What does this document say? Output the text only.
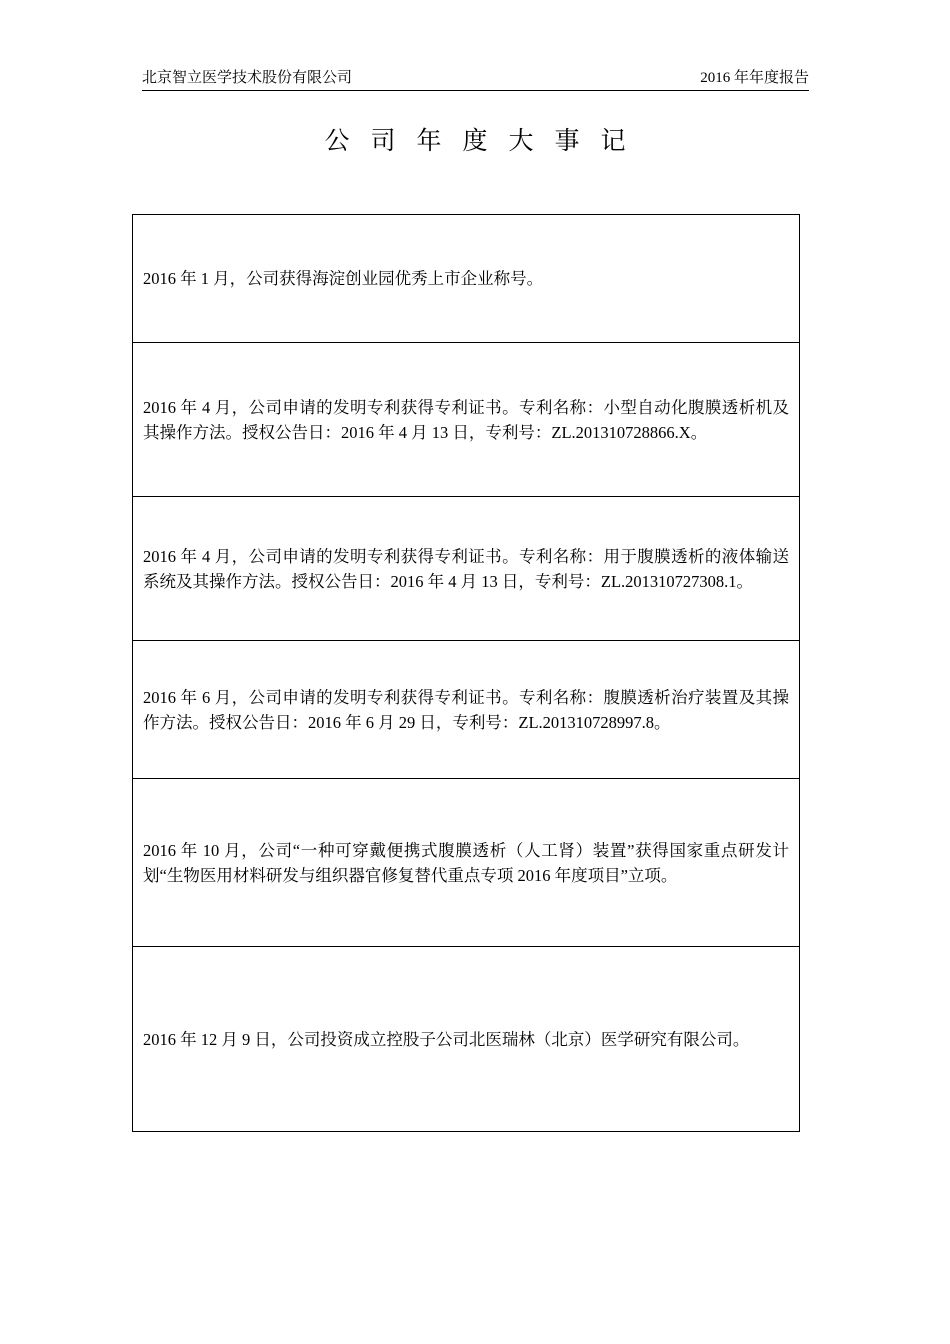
北京智立医学技术股份有限公司	2016 年年度报告
公司年度大事记
2016 年 1 月，公司获得海淀创业园优秀上市企业称号。
2016 年 4 月，公司申请的发明专利获得专利证书。专利名称：小型自动化腹膜透析机及其操作方法。授权公告日：2016 年 4 月 13 日，专利号：ZL.201310728866.X。
2016 年 4 月，公司申请的发明专利获得专利证书。专利名称：用于腹膜透析的液体输送系统及其操作方法。授权公告日：2016 年 4 月 13 日，专利号：ZL.201310727308.1。
2016 年 6 月，公司申请的发明专利获得专利证书。专利名称：腹膜透析治疗装置及其操作方法。授权公告日：2016 年 6 月 29 日，专利号：ZL.201310728997.8。
2016 年 10 月，公司“一种可穿戴便携式腹膜透析（人工肾）装置”获得国家重点研发计划“生物医用材料研发与组织器官修复替代重点专项 2016 年度项目”立项。
2016 年 12 月 9 日，公司投资成立控股子公司北医瑞林（北京）医学研究有限公司。
